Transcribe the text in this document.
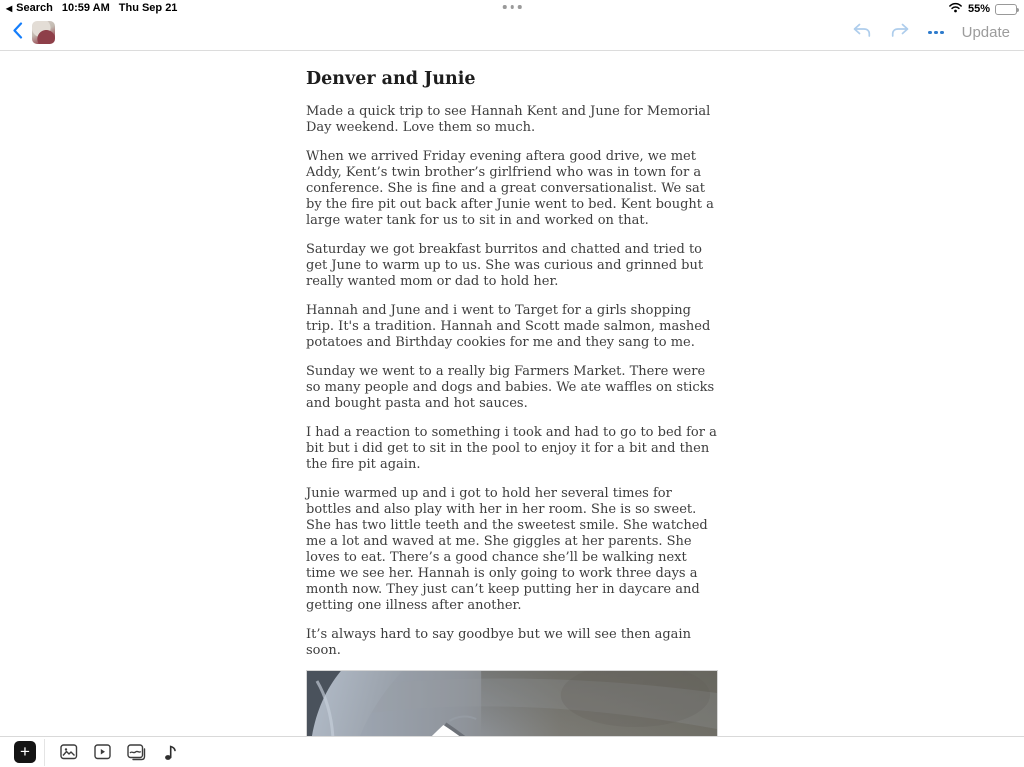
◀ Search 10:59 AM Thu Sep 21	55%
Update
Denver and Junie

Made a quick trip to see Hannah Kent and June for Memorial Day weekend. Love them so much.

When we arrived Friday evening aftera good drive, we met Addy, Kent’s twin brother’s girlfriend who was in town for a conference. She is fine and a great conversationalist. We sat by the fire pit out back after Junie went to bed. Kent bought a large water tank for us to sit in and worked on that.

Saturday we got breakfast burritos and chatted and tried to get June to warm up to us. She was curious and grinned but really wanted mom or dad to hold her.

Hannah and June and i went to Target for a girls shopping trip. It's a tradition. Hannah and Scott made salmon, mashed potatoes and Birthday cookies for me and they sang to me.

Sunday we went to a really big Farmers Market. There were so many people and dogs and babies. We ate waffles on sticks and bought pasta and hot sauces.

I had a reaction to something i took and had to go to bed for a bit but i did get to sit in the pool to enjoy it for a bit and then the fire pit again.

Junie warmed up and i got to hold her several times for bottles and also play with her in her room. She is so sweet. She has two little teeth and the sweetest smile. She watched me a lot and waved at me. She giggles at her parents. She loves to eat. There’s a good chance she’ll be walking next time we see her. Hannah is only going to work three days a month now. They just can’t keep putting her in daycare and getting one illness after another.

It’s always hard to say goodbye but we will see then again soon.

+
